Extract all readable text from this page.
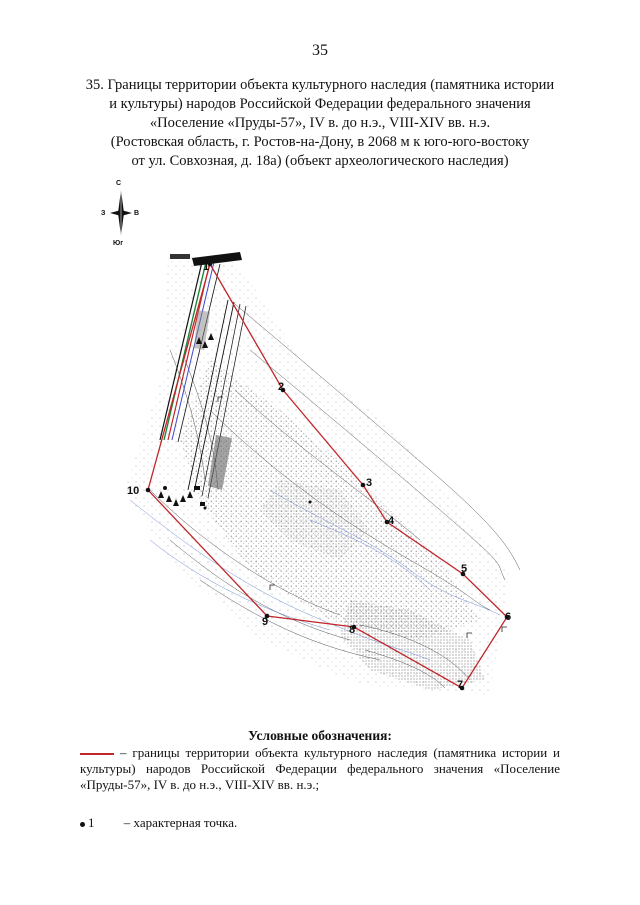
35
35. Границы территории объекта культурного наследия (памятника истории
и культуры) народов Российской Федерации федерального значения
«Поселение «Пруды-57», IV в. до н.э., VIII-XIV вв. н.э.
(Ростовская область, г. Ростов-на-Дону, в 2068 м к юго-юго-востоку
от ул. Совхозная, д. 18а) (объект археологического наследия)
С
З	В
Юг
1
2
3
4
5
6
7
8
9
10
Условные обозначения:
– границы территории объекта культурного наследия (памятника истории и культуры) народов Российской Федерации федерального значения «Поселение «Пруды-57», IV в. до н.э., VIII-XIV вв. н.э.;
1 – характерная точка.
